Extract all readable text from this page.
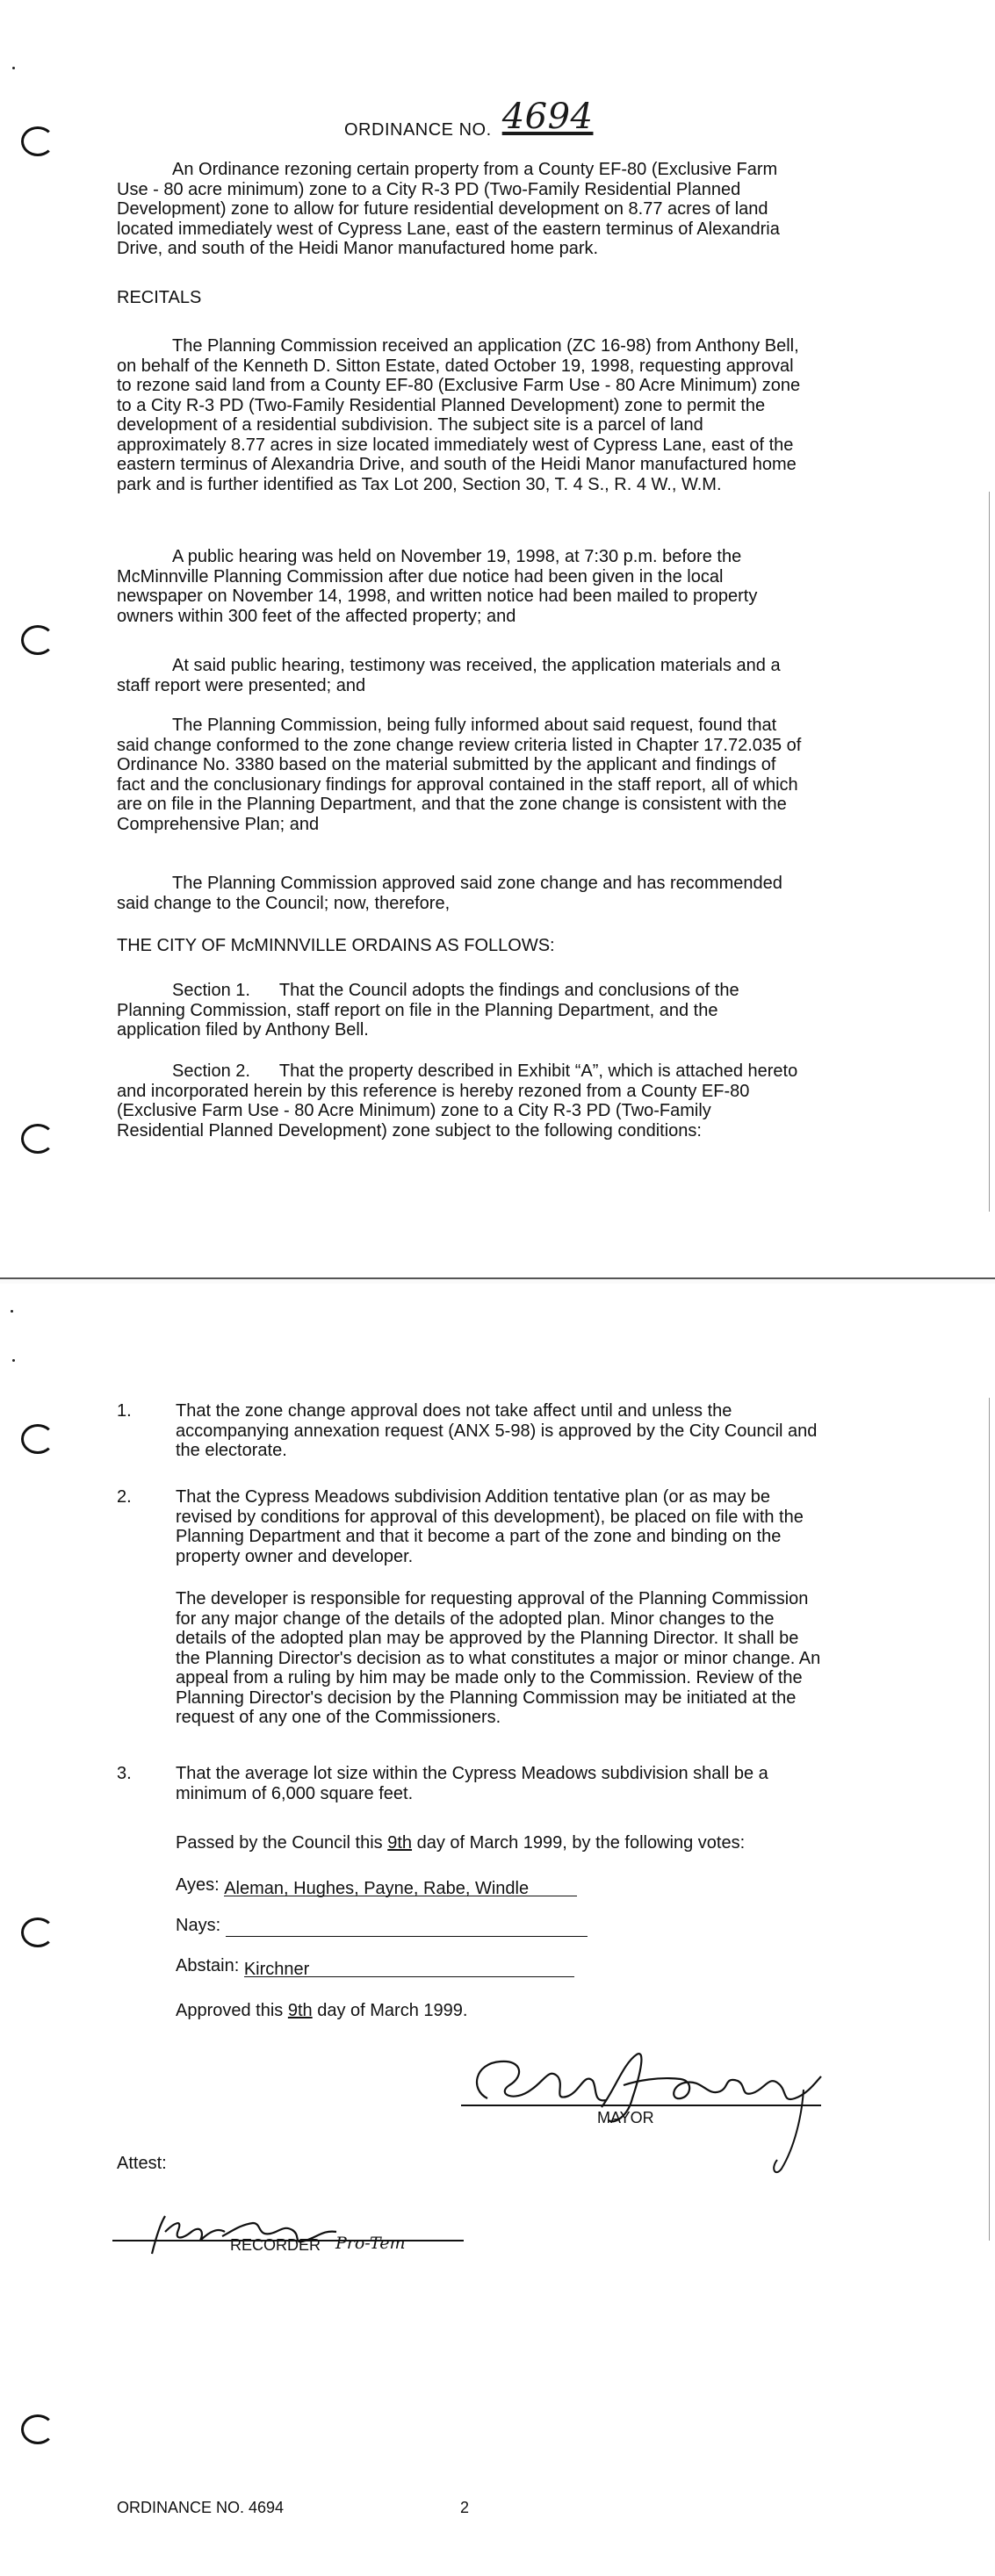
ORDINANCE NO. 4694
An Ordinance rezoning certain property from a County EF-80 (Exclusive Farm Use - 80 acre minimum) zone to a City R-3 PD (Two-Family Residential Planned Development) zone to allow for future residential development on 8.77 acres of land located immediately west of Cypress Lane, east of the eastern terminus of Alexandria Drive, and south of the Heidi Manor manufactured home park.
RECITALS
The Planning Commission received an application (ZC 16-98) from Anthony Bell, on behalf of the Kenneth D. Sitton Estate, dated October 19, 1998, requesting approval to rezone said land from a County EF-80 (Exclusive Farm Use - 80 Acre Minimum) zone to a City R-3 PD (Two-Family Residential Planned Development) zone to permit the development of a residential subdivision. The subject site is a parcel of land approximately 8.77 acres in size located immediately west of Cypress Lane, east of the eastern terminus of Alexandria Drive, and south of the Heidi Manor manufactured home park and is further identified as Tax Lot 200, Section 30, T. 4 S., R. 4 W., W.M.
A public hearing was held on November 19, 1998, at 7:30 p.m. before the McMinnville Planning Commission after due notice had been given in the local newspaper on November 14, 1998, and written notice had been mailed to property owners within 300 feet of the affected property; and
At said public hearing, testimony was received, the application materials and a staff report were presented; and
The Planning Commission, being fully informed about said request, found that said change conformed to the zone change review criteria listed in Chapter 17.72.035 of Ordinance No. 3380 based on the material submitted by the applicant and findings of fact and the conclusionary findings for approval contained in the staff report, all of which are on file in the Planning Department, and that the zone change is consistent with the Comprehensive Plan; and
The Planning Commission approved said zone change and has recommended said change to the Council; now, therefore,
THE CITY OF McMINNVILLE ORDAINS AS FOLLOWS:
Section 1.      That the Council adopts the findings and conclusions of the Planning Commission, staff report on file in the Planning Department, and the application filed by Anthony Bell.
Section 2.      That the property described in Exhibit “A”, which is attached hereto and incorporated herein by this reference is hereby rezoned from a County EF-80 (Exclusive Farm Use - 80 Acre Minimum) zone to a City R-3 PD (Two-Family Residential Planned Development) zone subject to the following conditions:
1.	That the zone change approval does not take affect until and unless the accompanying annexation request (ANX 5-98) is approved by the City Council and the electorate.
2.	That the Cypress Meadows subdivision Addition tentative plan (or as may be revised by conditions for approval of this development), be placed on file with the Planning Department and that it become a part of the zone and binding on the property owner and developer.
The developer is responsible for requesting approval of the Planning Commission for any major change of the details of the adopted plan. Minor changes to the details of the adopted plan may be approved by the Planning Director. It shall be the Planning Director's decision as to what constitutes a major or minor change. An appeal from a ruling by him may be made only to the Commission. Review of the Planning Director's decision by the Planning Commission may be initiated at the request of any one of the Commissioners.
3.	That the average lot size within the Cypress Meadows subdivision shall be a minimum of 6,000 square feet.
Passed by the Council this 9th day of March 1999, by the following votes:
Ayes: Aleman, Hughes, Payne, Rabe, Windle
Nays:
Abstain: Kirchner
Approved this 9th day of March 1999.
MAYOR
Attest:
RECORDER Pro-Tem
ORDINANCE NO. 4694	2
